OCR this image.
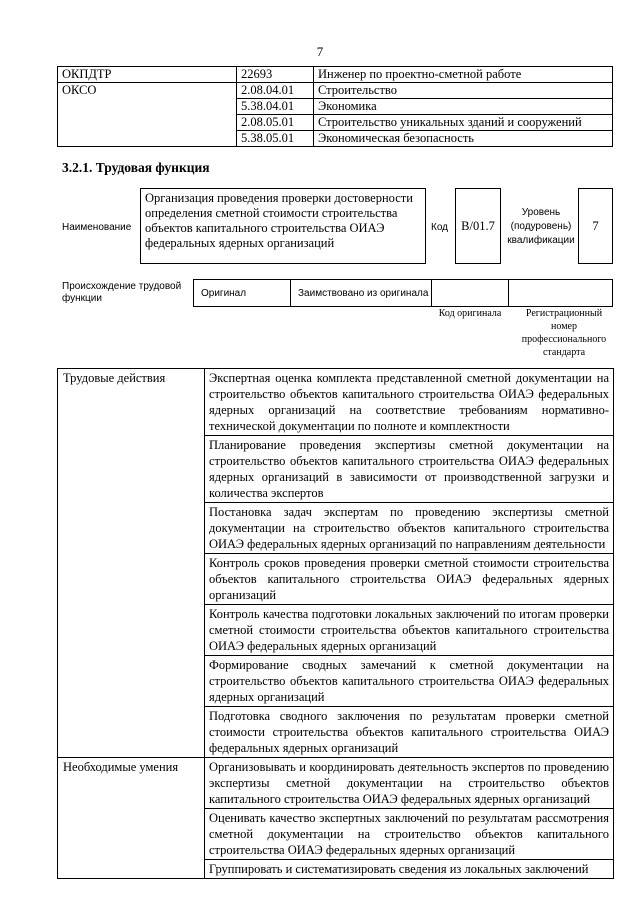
7
ОКПДТР	22693	Инженер по проектно-сметной работе
ОКСО	2.08.04.01	Строительство
	5.38.04.01	Экономика
	2.08.05.01	Строительство уникальных зданий и сооружений
	5.38.05.01	Экономическая безопасность
3.2.1. Трудовая функция
Наименование
Организация проведения проверки достоверности определения сметной стоимости строительства объектов капитального строительства ОИАЭ федеральных ядерных организаций
Код	B/01.7
Уровень (подуровень) квалификации
7
Происхождение трудовой функции	Оригинал	Заимствовано из оригинала
Код оригинала	Регистрационный номер профессионального стандарта
Трудовые действия	Экспертная оценка комплекта представленной сметной документации на строительство объектов капитального строительства ОИАЭ федеральных ядерных организаций на соответствие требованиям нормативно-технической документации по полноте и комплектности
	Планирование проведения экспертизы сметной документации на строительство объектов капитального строительства ОИАЭ федеральных ядерных организаций в зависимости от производственной загрузки и количества экспертов
	Постановка задач экспертам по проведению экспертизы сметной документации на строительство объектов капитального строительства ОИАЭ федеральных ядерных организаций по направлениям деятельности
	Контроль сроков проведения проверки сметной стоимости строительства объектов капитального строительства ОИАЭ федеральных ядерных организаций
	Контроль качества подготовки локальных заключений по итогам проверки сметной стоимости строительства объектов капитального строительства ОИАЭ федеральных ядерных организаций
	Формирование сводных замечаний к сметной документации на строительство объектов капитального строительства ОИАЭ федеральных ядерных организаций
	Подготовка сводного заключения по результатам проверки сметной стоимости строительства объектов капитального строительства ОИАЭ федеральных ядерных организаций
Необходимые умения	Организовывать и координировать деятельность экспертов по проведению экспертизы сметной документации на строительство объектов капитального строительства ОИАЭ федеральных ядерных организаций
	Оценивать качество экспертных заключений по результатам рассмотрения сметной документации на строительство объектов капитального строительства ОИАЭ федеральных ядерных организаций
	Группировать и систематизировать сведения из локальных заключений
